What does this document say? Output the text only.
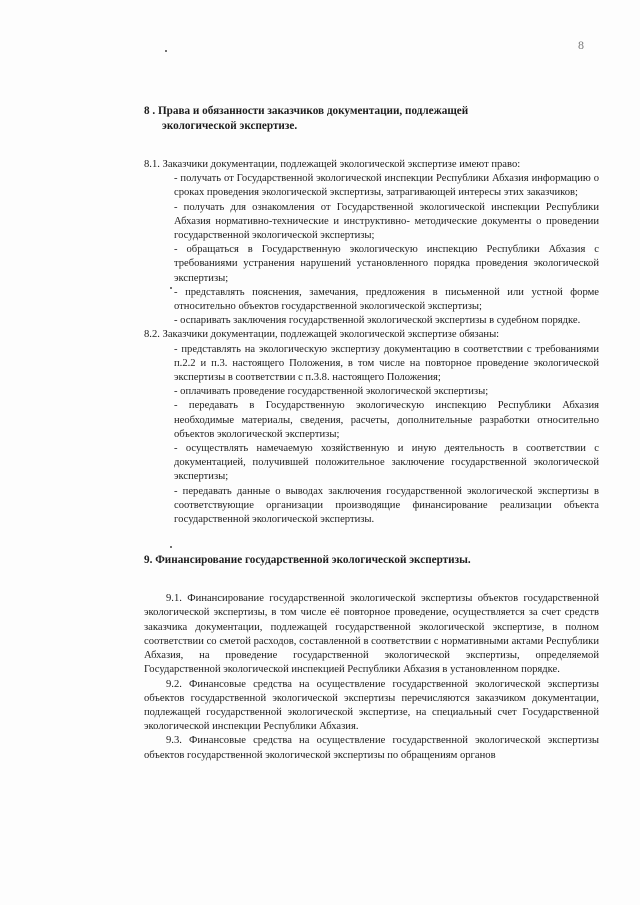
8
8 . Права и обязанности заказчиков документации, подлежащей
экологической экспертизе.
8.1. Заказчики документации, подлежащей экологической экспертизе имеют право:

- получать от Государственной экологической инспекции Республики Абхазия информацию о сроках проведения экологической экспертизы, затрагивающей интересы этих заказчиков;

- получать для ознакомления от Государственной экологической инспекции Республики Абхазия нормативно-технические и инструктивно- методические документы о проведении государственной экологической экспертизы;

- обращаться в Государственную экологическую инспекцию Республики Абхазия с требованиями устранения нарушений установленного порядка проведения экологической экспертизы;

- представлять пояснения, замечания, предложения в письменной или устной форме относительно объектов государственной экологической экспертизы;

- оспаривать заключения государственной экологической экспертизы в судебном порядке.

8.2. Заказчики документации, подлежащей экологической экспертизе обязаны:

- представлять на экологическую экспертизу документацию в соответствии с требованиями п.2.2 и п.3. настоящего Положения, в том числе на повторное проведение экологической экспертизы в соответствии с п.3.8. настоящего Положения;

- оплачивать проведение государственной экологической экспертизы;

- передавать в Государственную экологическую инспекцию Республики Абхазия необходимые материалы, сведения, расчеты, дополнительные разработки относительно объектов экологической экспертизы;

- осуществлять намечаемую хозяйственную и иную деятельность в соответствии с документацией, получившей положительное заключение государственной экологической экспертизы;

- передавать данные о выводах заключения государственной экологической экспертизы в соответствующие организации производящие финансирование реализации объекта государственной экологической экспертизы.

9. Финансирование государственной экологической экспертизы.

9.1. Финансирование государственной экологической экспертизы объектов государственной экологической экспертизы, в том числе её повторное проведение, осуществляется за счет средств заказчика документации, подлежащей государственной экологической экспертизе, в полном соответствии со сметой расходов, составленной в соответствии с нормативными актами Республики Абхазия, на проведение государственной экологической экспертизы, определяемой Государственной экологической инспекцией Республики Абхазия в установленном порядке.

9.2. Финансовые средства на осуществление государственной экологической экспертизы объектов государственной экологической экспертизы перечисляются заказчиком документации, подлежащей государственной экологической экспертизе, на специальный счет Государственной экологической инспекции Республики Абхазия.

9.3. Финансовые средства на осуществление государственной экологической экспертизы объектов государственной экологической экспертизы по обращениям органов
